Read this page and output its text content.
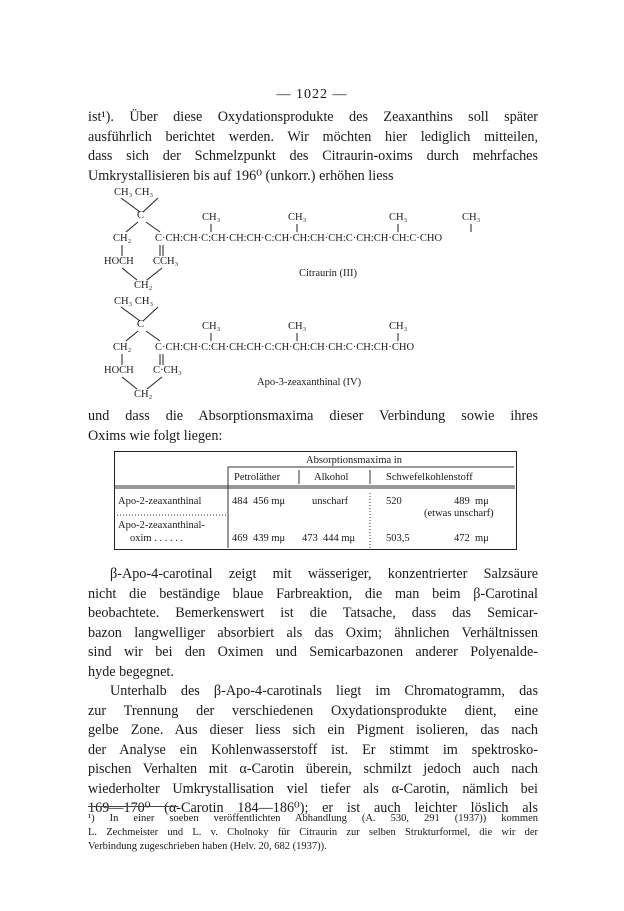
— 1022 —
ist¹). Über diese Oxydationsprodukte des Zeaxanthins soll später
ausführlich berichtet werden. Wir möchten hier lediglich mitteilen,
dass sich der Schmelzpunkt des Citraurin-oxims durch mehrfaches
Umkrystallisieren bis auf 196⁰ (unkorr.) erhöhen liess
CH₃ CH₃
C	CH₃	CH₃	CH₃	CH₃
CH₂ C·CH:CH·C:CH·CH:CH·C:CH·CH:CH·CH:C·CH:CH·CH:C·CHO
HOCH CCH₃
Citraurin (III)
CH₂
CH₃ CH₃
C	CH₃	CH₃	CH₃
CH₂ C·CH:CH·C:CH·CH:CH·C:CH·CH:CH·CH:C·CH:CH·CHO
HOCH C·CH₃
Apo-3-zeaxanthinal (IV)
CH₂
und dass die Absorptionsmaxima dieser Verbindung sowie ihres
Oxims wie folgt liegen:
Absorptionsmaxima in
Petroläther	Alkohol	Schwefelkohlenstoff
Apo-2-zeaxanthinal	484  456 mμ	unscharf	520	489  mμ
(etwas unscharf)
Apo-2-zeaxanthinal-
oxim . . . . . .	469  439 mμ 473  444 mμ	503,5	472  mμ
β-Apo-4-carotinal zeigt mit wässeriger, konzentrierter Salzsäure
nicht die beständige blaue Farbreaktion, die man beim β-Carotinal
beobachtete. Bemerkenswert ist die Tatsache, dass das Semicar-
bazon langwelliger absorbiert als das Oxim; ähnlichen Verhältnissen
sind wir bei den Oximen und Semicarbazonen anderer Polyenalde-
hyde begegnet.
Unterhalb des β-Apo-4-carotinals liegt im Chromatogramm, das
zur Trennung der verschiedenen Oxydationsprodukte dient, eine
gelbe Zone. Aus dieser liess sich ein Pigment isolieren, das nach
der Analyse ein Kohlenwasserstoff ist. Er stimmt im spektrosko-
pischen Verhalten mit α-Carotin überein, schmilzt jedoch auch nach
wiederholter Umkrystallisation viel tiefer als α-Carotin, nämlich bei
169—170⁰ (α-Carotin 184—186⁰); er ist auch leichter löslich als
¹) In einer soeben veröffentlichten Abhandlung (A. 530, 291 (1937)) kommen
L. Zechmeister und L. v. Cholnoky für Citraurin zur selben Strukturformel, die wir der
Verbindung zugeschrieben haben (Helv. 20, 682 (1937)).
